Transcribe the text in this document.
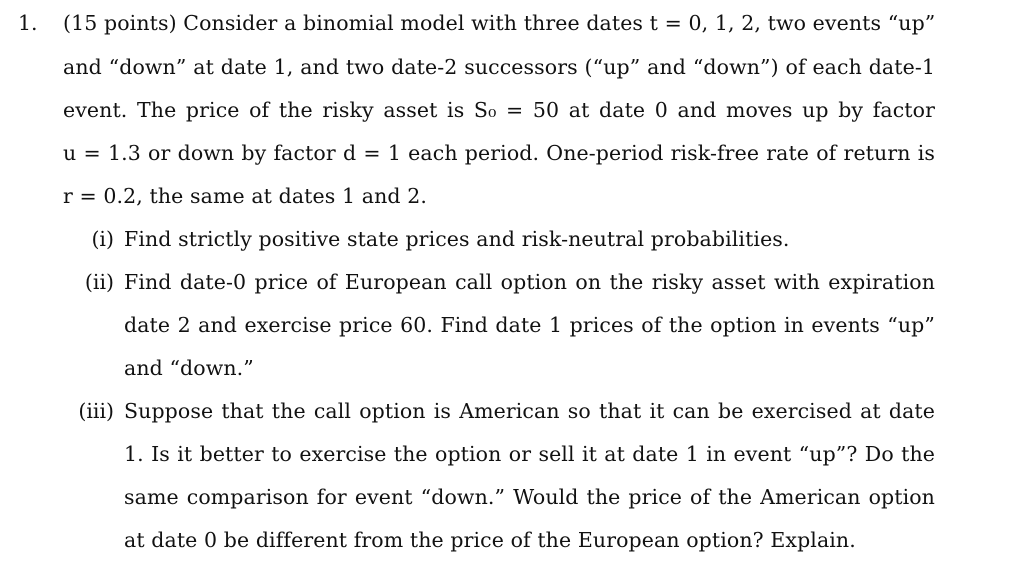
1.	(15 points) Consider a binomial model with three dates t = 0, 1, 2, two events “up”
and “down” at date 1, and two date-2 successors (“up” and “down”) of each date-1
event. The price of the risky asset is S₀ = 50 at date 0 and moves up by factor
u = 1.3 or down by factor d = 1 each period. One-period risk-free rate of return is
r = 0.2, the same at dates 1 and 2.
(i) Find strictly positive state prices and risk-neutral probabilities.
(ii) Find date-0 price of European call option on the risky asset with expiration
date 2 and exercise price 60. Find date 1 prices of the option in events “up”
and “down.”
(iii) Suppose that the call option is American so that it can be exercised at date
1. Is it better to exercise the option or sell it at date 1 in event “up”? Do the
same comparison for event “down.” Would the price of the American option
at date 0 be different from the price of the European option? Explain.
